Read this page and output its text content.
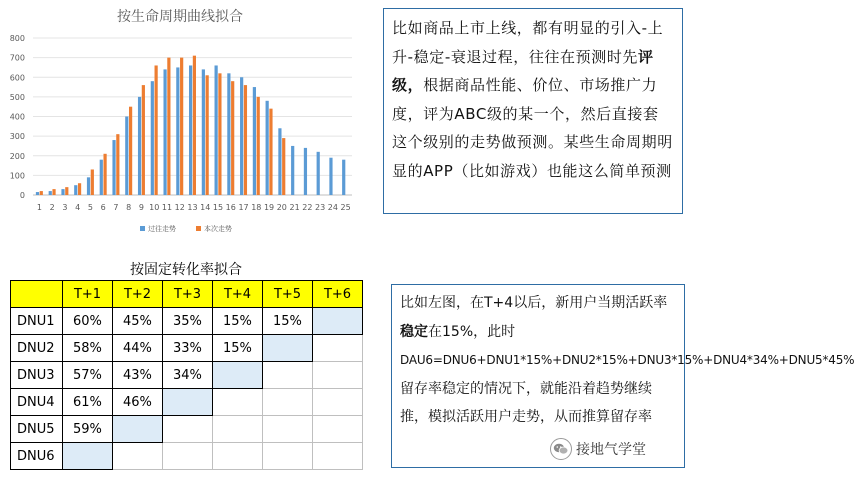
0
100
200
300
400
500
600
700
800
1 2 3 4 5 6 7 8 9 10 11 12 13 14 15 16 17 18 19 20 21 22 23 24 25
过往走势	本次走势
按生命周期曲线拟合
比如商品上市上线，都有明显的引入-上升-稳定-衰退过程，往往在预测时先评级，根据商品性能、价位、市场推广力度，评为ABC级的某一个，然后直接套这个级别的走势做预测。某些生命周期明显的APP（比如游戏）也能这么简单预测
按固定转化率拟合
	T+1	T+2	T+3	T+4	T+5	T+6
DNU1	60%	45%	35%	15%	15%	
DNU2	58%	44%	33%	15%		
DNU3	57%	43%	34%			
DNU4	61%	46%				
DNU5	59%					
DNU6						
比如左图，在T+4以后，新用户当期活跃率稳定在15%，此时
DAU6=DNU6+DNU1*15%+DNU2*15%+DNU3*15%+DNU4*34%+DNU5*45%留存率稳定的情况下，就能沿着趋势继续推，模拟活跃用户走势，从而推算留存率
接地气学堂
